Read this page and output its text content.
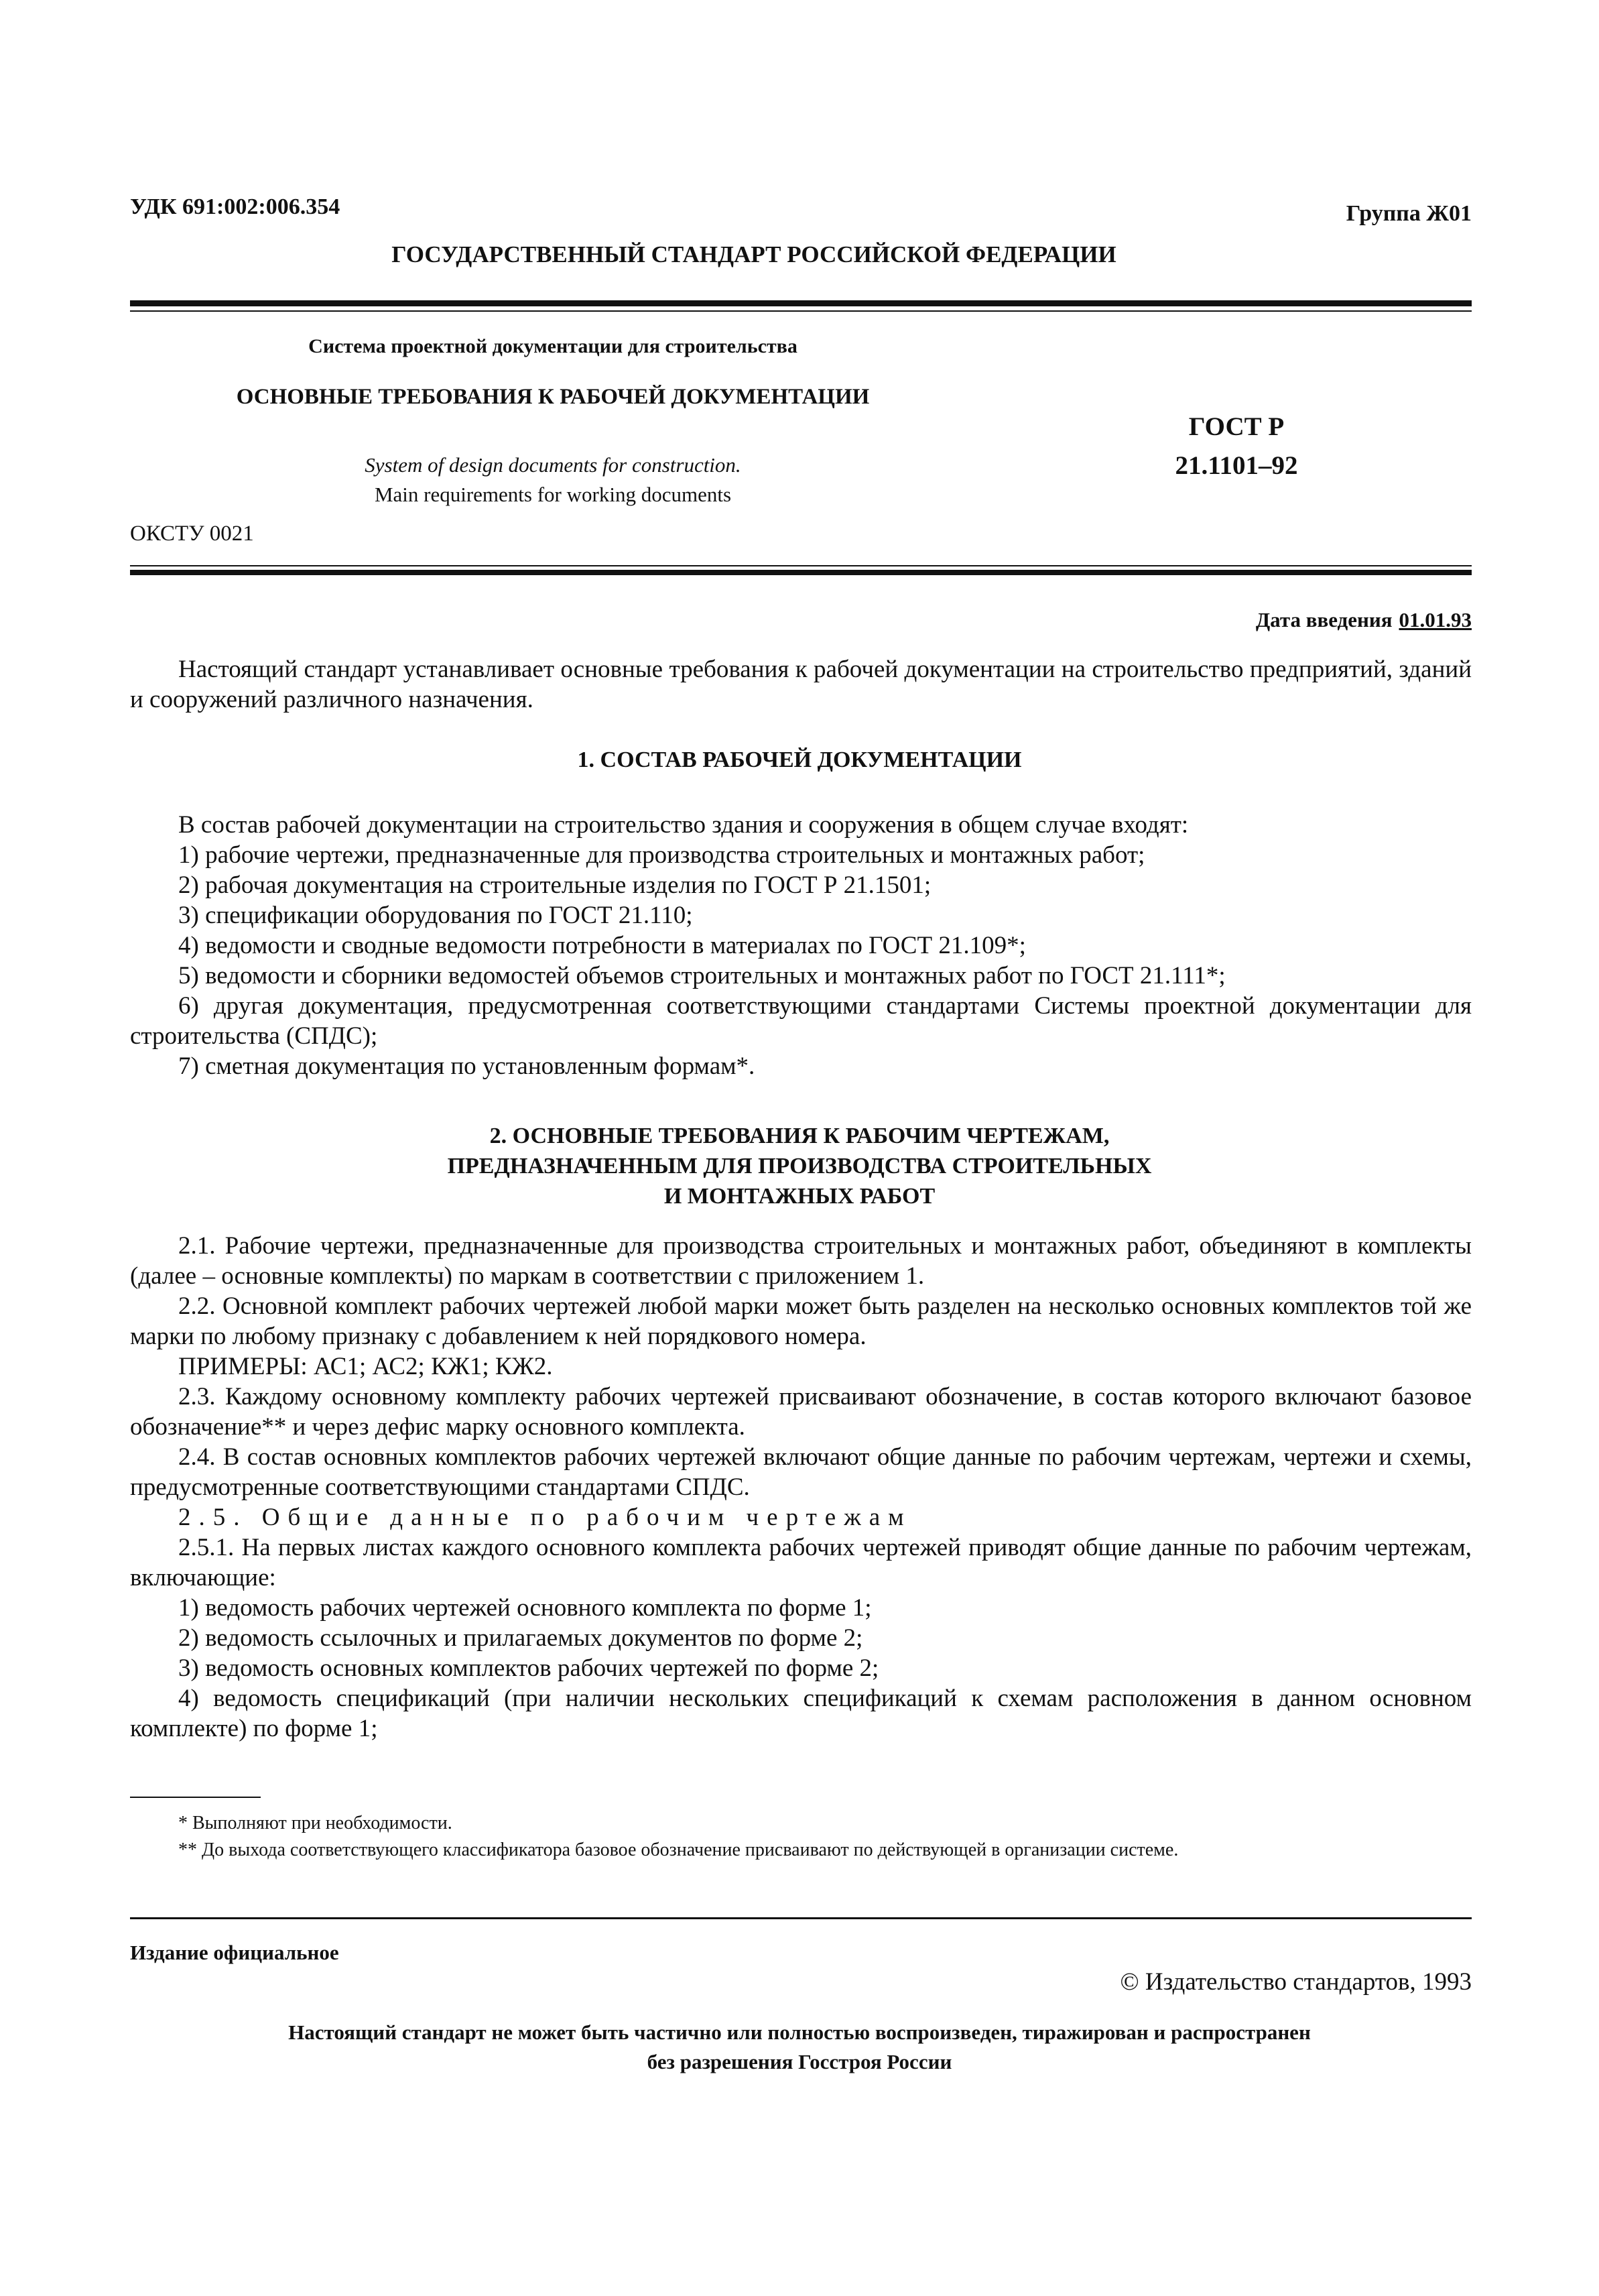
УДК 691:002:006.354	Группа Ж01
ГОСУДАРСТВЕННЫЙ СТАНДАРТ РОССИЙСКОЙ ФЕДЕРАЦИИ
Система проектной документации для строительства
ОСНОВНЫЕ ТРЕБОВАНИЯ К РАБОЧЕЙ ДОКУМЕНТАЦИИ
ГОСТ Р
21.1101–92
System of design documents for construction.
Main requirements for working documents
ОКСТУ 0021
Дата введения 01.01.93

Настоящий стандарт устанавливает основные требования к рабочей документации на строительство предприятий, зданий и сооружений различного назначения.

1. СОСТАВ РАБОЧЕЙ ДОКУМЕНТАЦИИ

В состав рабочей документации на строительство здания и сооружения в общем случае входят:

1) рабочие чертежи, предназначенные для производства строительных и монтажных работ;

2) рабочая документация на строительные изделия по ГОСТ Р 21.1501;

3) спецификации оборудования по ГОСТ 21.110;

4) ведомости и сводные ведомости потребности в материалах по ГОСТ 21.109*;

5) ведомости и сборники ведомостей объемов строительных и монтажных работ по ГОСТ 21.111*;

6) другая документация, предусмотренная соответствующими стандартами Системы проектной документации для строительства (СПДС);

7) сметная документация по установленным формам*.

2. ОСНОВНЫЕ ТРЕБОВАНИЯ К РАБОЧИМ ЧЕРТЕЖАМ,
ПРЕДНАЗНАЧЕННЫМ ДЛЯ ПРОИЗВОДСТВА СТРОИТЕЛЬНЫХ
И МОНТАЖНЫХ РАБОТ

2.1. Рабочие чертежи, предназначенные для производства строительных и монтажных работ, объединяют в комплекты (далее – основные комплекты) по маркам в соответствии с приложением 1.

2.2. Основной комплект рабочих чертежей любой марки может быть разделен на несколько основных комплектов той же марки по любому признаку с добавлением к ней порядкового номера.

ПРИМЕРЫ: АС1; АС2; КЖ1; КЖ2.

2.3. Каждому основному комплекту рабочих чертежей присваивают обозначение, в состав которого включают базовое обозначение** и через дефис марку основного комплекта.

2.4. В состав основных комплектов рабочих чертежей включают общие данные по рабочим чертежам, чертежи и схемы, предусмотренные соответствующими стандартами СПДС.

2.5. Общие данные по рабочим чертежам

2.5.1. На первых листах каждого основного комплекта рабочих чертежей приводят общие данные по рабочим чертежам, включающие:

1) ведомость рабочих чертежей основного комплекта по форме 1;

2) ведомость ссылочных и прилагаемых документов по форме 2;

3) ведомость основных комплектов рабочих чертежей по форме 2;

4) ведомость спецификаций (при наличии нескольких спецификаций к схемам расположения в данном основном комплекте) по форме 1;

* Выполняют при необходимости.

** До выхода соответствующего классификатора базовое обозначение присваивают по действующей в организации системе.

Издание официальное
© Издательство стандартов, 1993
Настоящий стандарт не может быть частично или полностью воспроизведен, тиражирован и распространен
без разрешения Госстроя России
